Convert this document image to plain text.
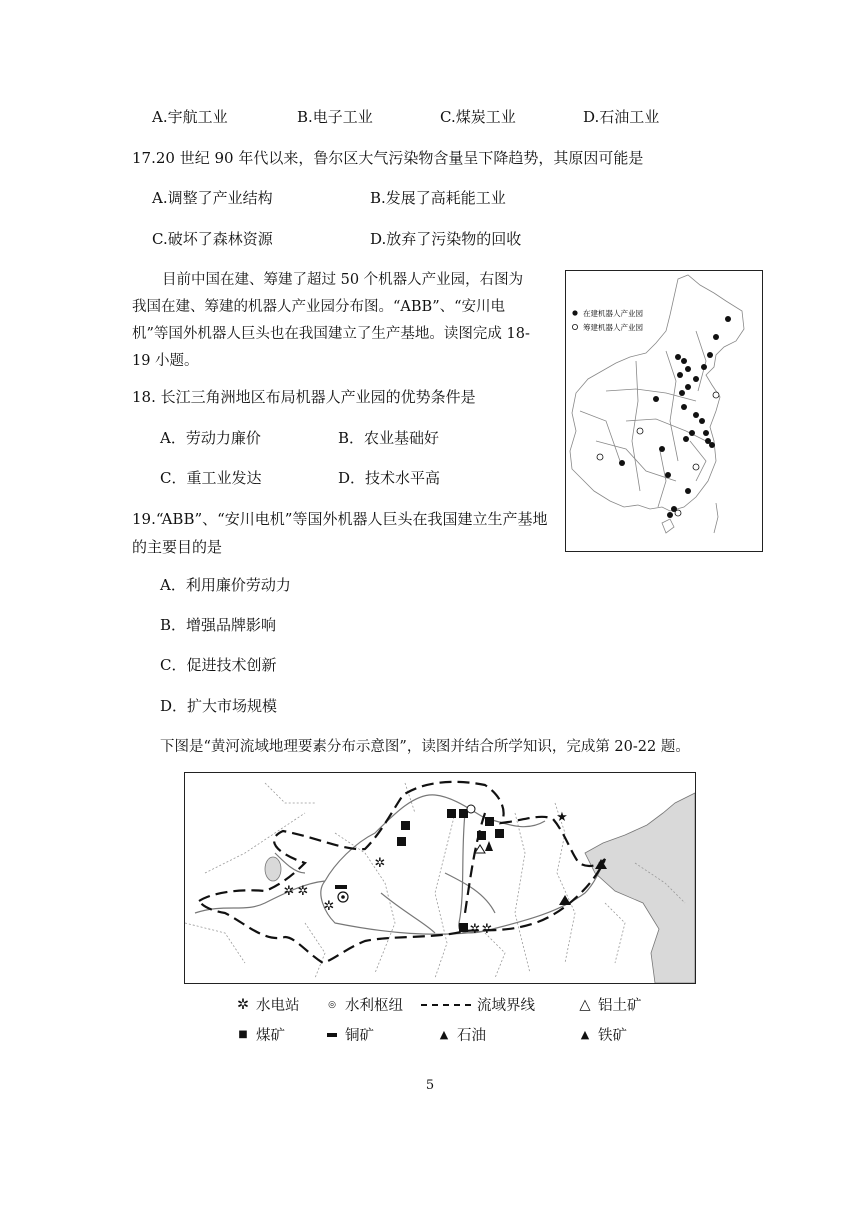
A.宇航工业	B.电子工业	C.煤炭工业	D.石油工业
17.20 世纪 90 年代以来，鲁尔区大气污染物含量呈下降趋势，其原因可能是
A.调整了产业结构	B.发展了高耗能工业
C.破坏了森林资源	D.放弃了污染物的回收
目前中国在建、筹建了超过 50 个机器人产业园，右图为我国在建、筹建的机器人产业园分布图。“ABB”、“安川电机”等国外机器人巨头也在我国建立了生产基地。读图完成 18-19 小题。
在建机器人产业园
筹建机器人产业园
18. 长江三角洲地区布局机器人产业园的优势条件是
A．劳动力廉价	B．农业基础好
C．重工业发达	D．技术水平高
19.“ABB”、“安川电机”等国外机器人巨头在我国建立生产基地的主要目的是
A．利用廉价劳动力
B．增强品牌影响
C．促进技术创新
D．扩大市场规模
下图是“黄河流域地理要素分布示意图”，读图并结合所学知识，完成第 20-22 题。
✲ ✲
✲
✲
✲ ✲
★
✲ 水电站	◎ 水利枢纽	流域界线	△ 铝土矿
■ 煤矿	铜矿	▲ 石油	▲ 铁矿
5
